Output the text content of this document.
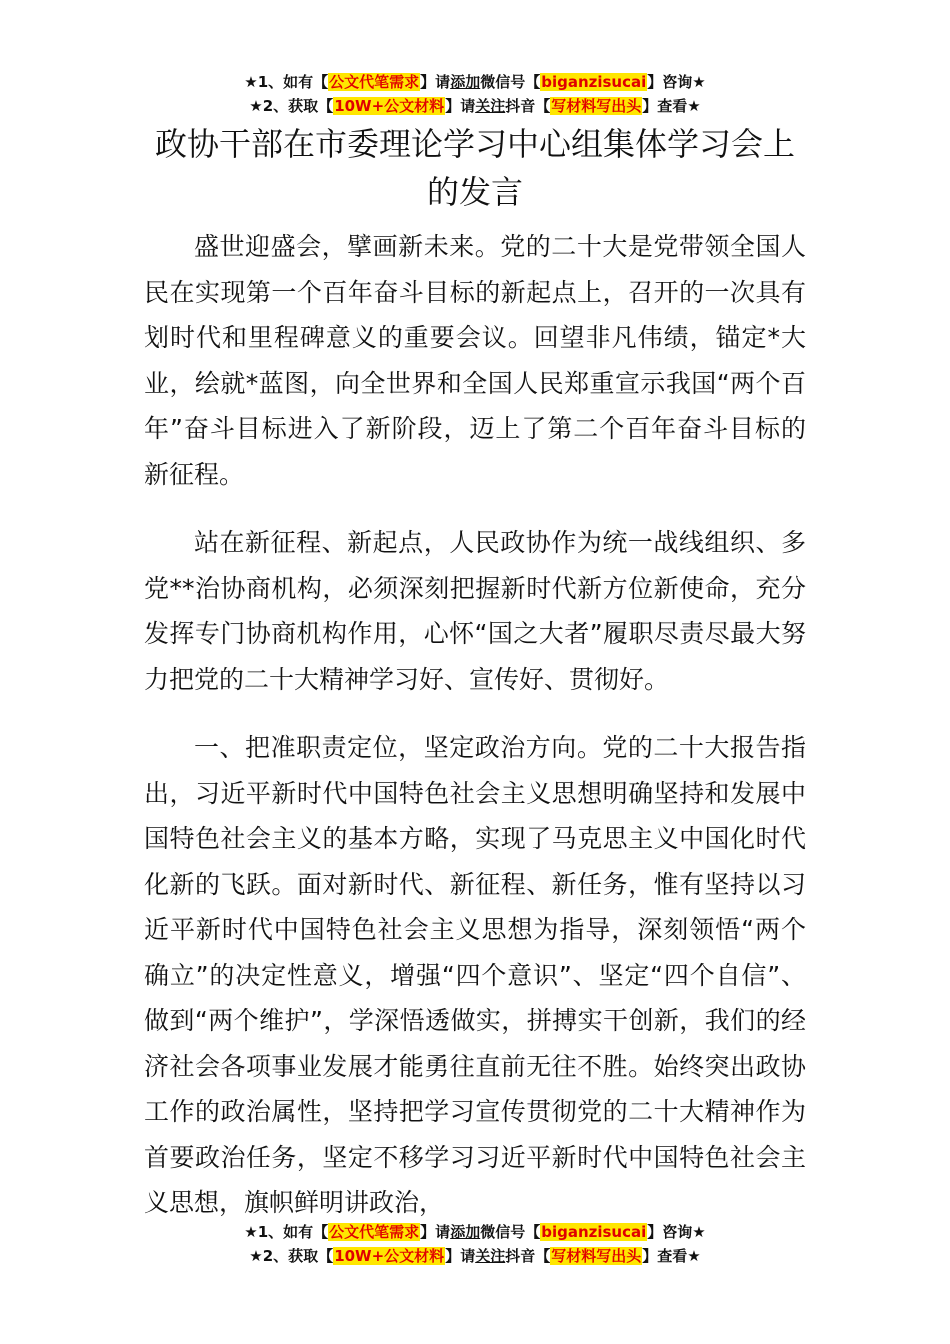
★1、如有【公文代笔需求】请添加微信号【biganzisucai】咨询★
★2、获取【10W+公文材料】请关注抖音【写材料写出头】查看★
政协干部在市委理论学习中心组集体学习会上的发言

盛世迎盛会，擘画新未来。党的二十大是党带领全国人民在实现第一个百年奋斗目标的新起点上，召开的一次具有划时代和里程碑意义的重要会议。回望非凡伟绩，锚定*大业，绘就*蓝图，向全世界和全国人民郑重宣示我国“两个百年”奋斗目标进入了新阶段，迈上了第二个百年奋斗目标的新征程。

站在新征程、新起点，人民政协作为统一战线组织、多党**治协商机构，必须深刻把握新时代新方位新使命，充分发挥专门协商机构作用，心怀“国之大者”履职尽责尽最大努力把党的二十大精神学习好、宣传好、贯彻好。

一、把准职责定位，坚定政治方向。党的二十大报告指出，习近平新时代中国特色社会主义思想明确坚持和发展中国特色社会主义的基本方略，实现了马克思主义中国化时代化新的飞跃。面对新时代、新征程、新任务，惟有坚持以习近平新时代中国特色社会主义思想为指导，深刻领悟“两个确立”的决定性意义，增强“四个意识”、坚定“四个自信”、做到“两个维护”，学深悟透做实，拼搏实干创新，我们的经济社会各项事业发展才能勇往直前无往不胜。始终突出政协工作的政治属性，坚持把学习宣传贯彻党的二十大精神作为首要政治任务，坚定不移学习习近平新时代中国特色社会主义思想，旗帜鲜明讲政治，

★1、如有【公文代笔需求】请添加微信号【biganzisucai】咨询★
★2、获取【10W+公文材料】请关注抖音【写材料写出头】查看★
